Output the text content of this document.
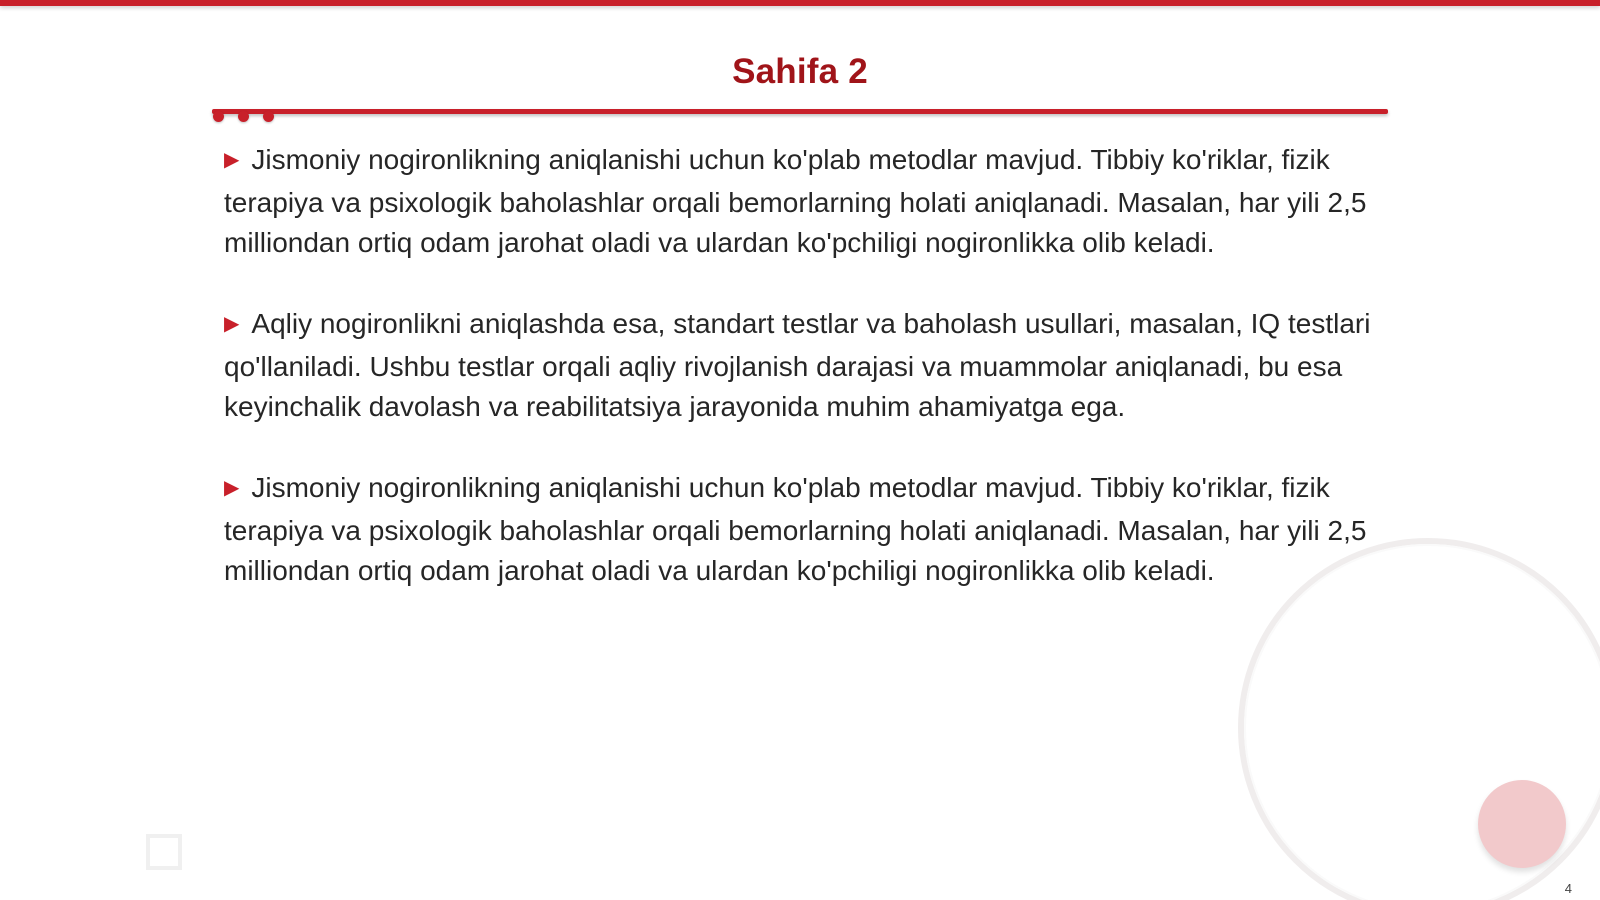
Sahifa 2

▶ Jismoniy nogironlikning aniqlanishi uchun ko'plab metodlar mavjud. Tibbiy ko'riklar, fizik terapiya va psixologik baholashlar orqali bemorlarning holati aniqlanadi. Masalan, har yili 2,5 milliondan ortiq odam jarohat oladi va ulardan ko'pchiligi nogironlikka olib keladi.

▶ Aqliy nogironlikni aniqlashda esa, standart testlar va baholash usullari, masalan, IQ testlari qo'llaniladi. Ushbu testlar orqali aqliy rivojlanish darajasi va muammolar aniqlanadi, bu esa keyinchalik davolash va reabilitatsiya jarayonida muhim ahamiyatga ega.

▶ Jismoniy nogironlikning aniqlanishi uchun ko'plab metodlar mavjud. Tibbiy ko'riklar, fizik terapiya va psixologik baholashlar orqali bemorlarning holati aniqlanadi. Masalan, har yili 2,5 milliondan ortiq odam jarohat oladi va ulardan ko'pchiligi nogironlikka olib keladi.

4
